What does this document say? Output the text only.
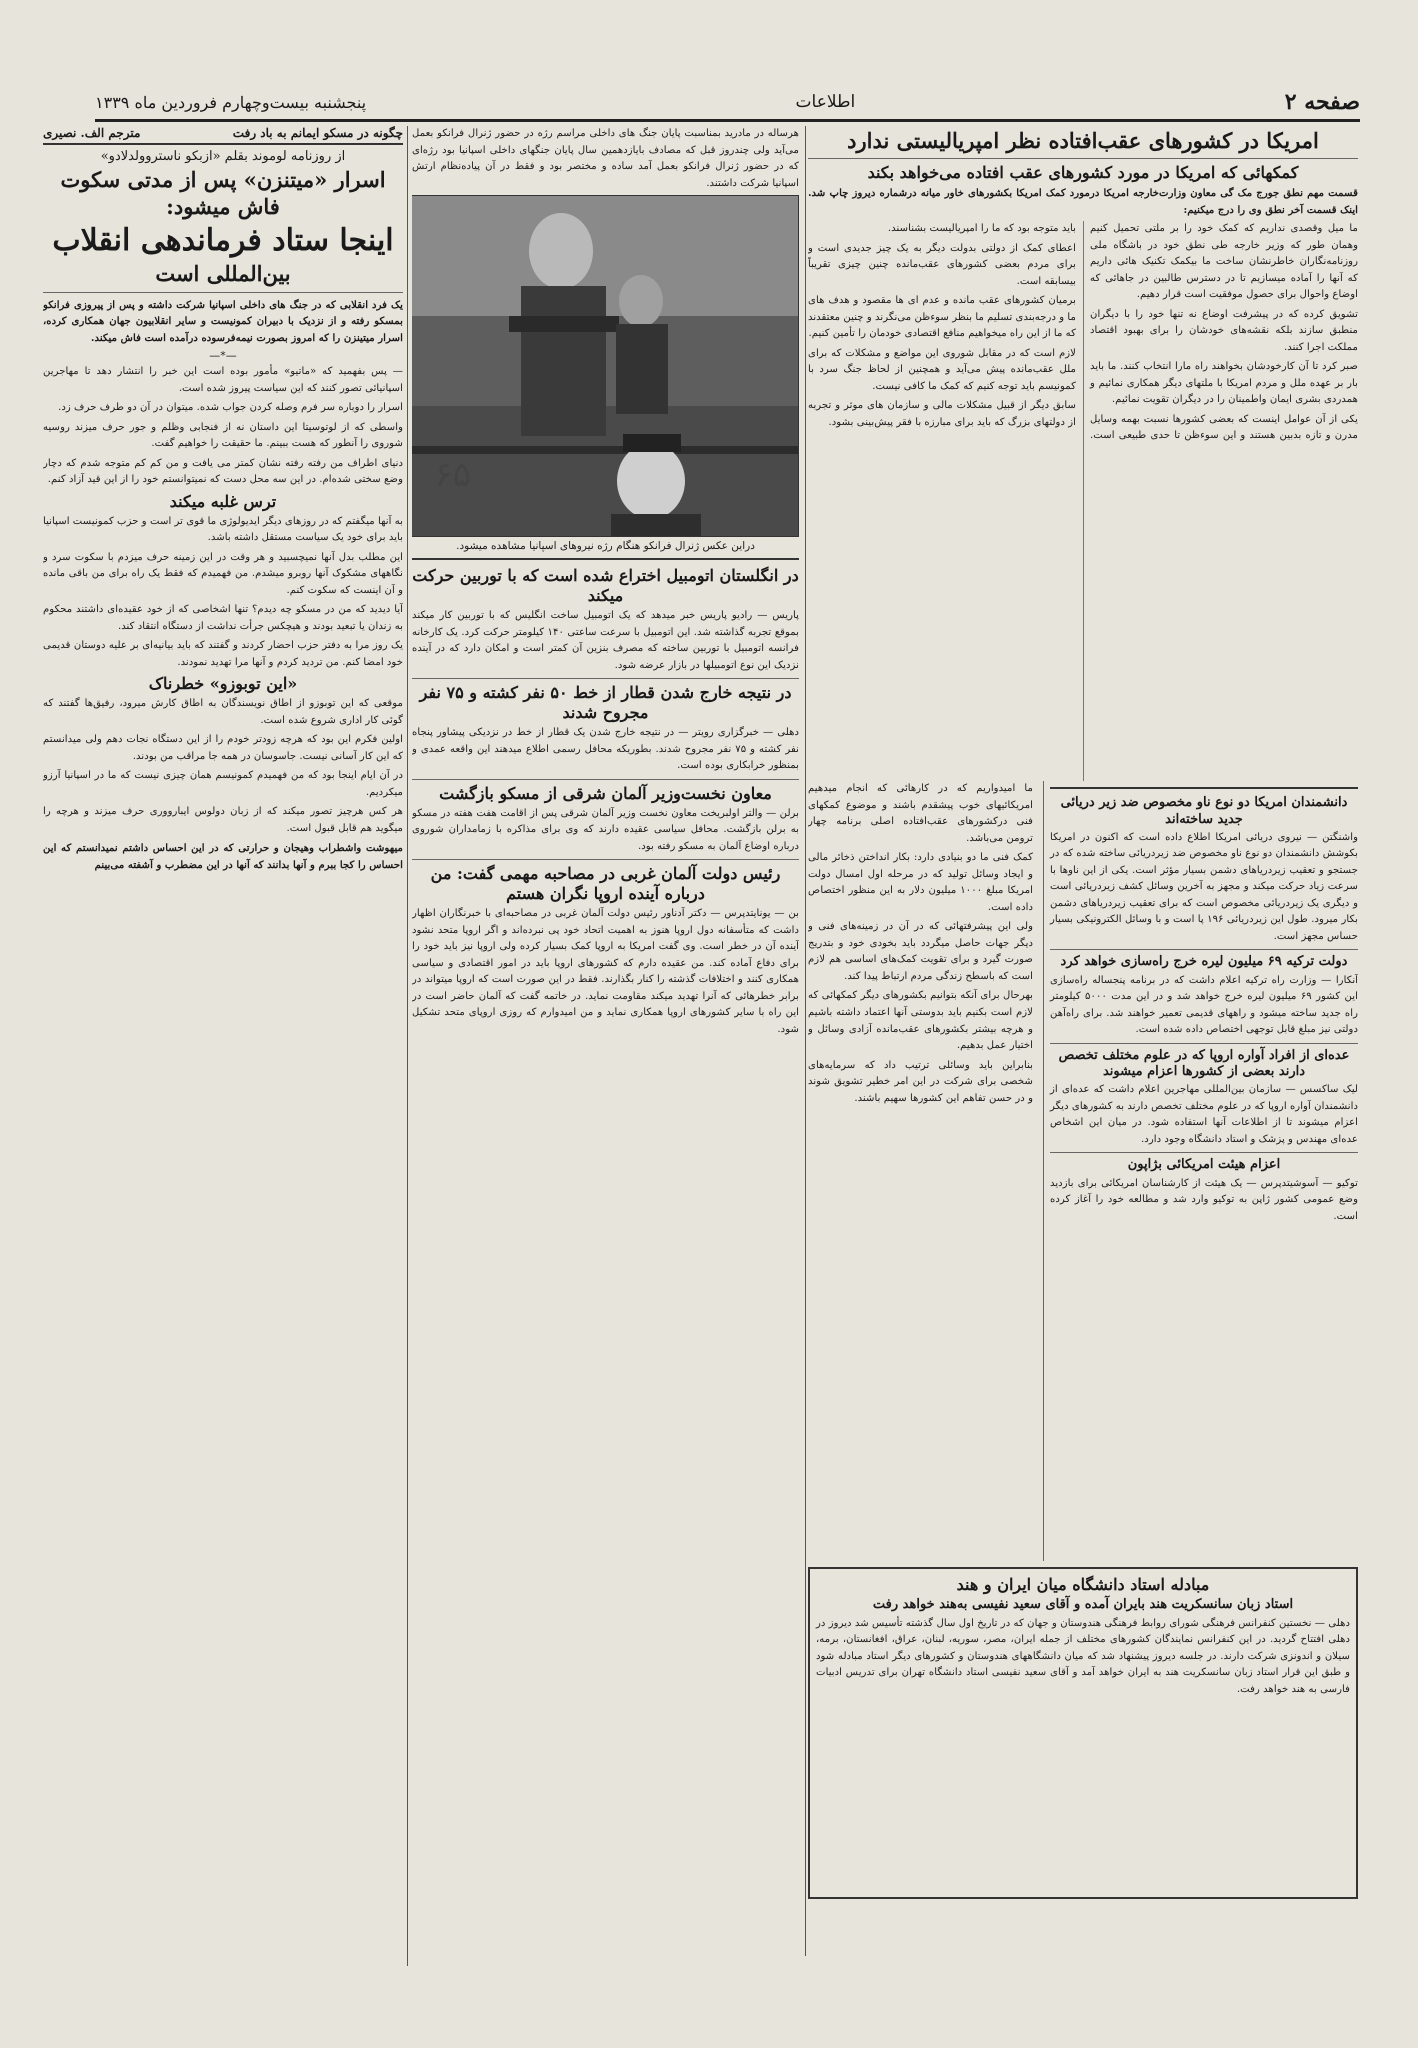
صفحه ۲
اطلاعات
پنجشنبه بیست‌وچهارم فروردین ماه ۱۳۳۹
امریکا در کشورهای عقب‌افتاده نظر امپریالیستی ندارد
کمکهائی که امریکا در مورد کشورهای عقب افتاده می‌خواهد بکند

قسمت مهم نطق جورج مک گی معاون وزارت‌خارجه امریکا درمورد کمک امریکا بکشورهای خاور میانه درشماره دیروز چاپ شد. اینک قسمت آخر نطق وی را درج میکنیم:

ما میل وقصدی نداریم که کمک خود را بر ملتی تحمیل کنیم وهمان طور که وزیر خارجه طی نطق خود در باشگاه ملی روزنامه‌نگاران خاطرنشان ساخت ما بیکمک تکنیک هائی داریم که آنها را آماده میسازیم تا در دسترس طالبین در جاهائی که اوضاع واحوال برای حصول موفقیت است قرار دهیم.

تشویق کرده که در پیشرفت اوضاع نه تنها خود را با دیگران منطبق سازند بلکه نقشه‌های خودشان را برای بهبود اقتصاد مملکت اجرا کنند.

صبر کرد تا آن کارخودشان بخواهند راه مارا انتخاب کنند. ما باید بار بر عهده ملل و مردم امریکا با ملتهای دیگر همکاری نمائیم و همدردی بشری ایمان واطمینان را در دیگران تقویت نمائیم.

یکی از آن عوامل اینست که بعضی کشورها نسبت بهمه وسایل مدرن و تازه بدبین هستند و این سوءظن تا حدی طبیعی است. باید متوجه بود که ما را امپریالیست بشناسند.

اعطای کمک از دولتی بدولت دیگر به یک چیز جدیدی است و برای مردم بعضی کشورهای عقب‌مانده چنین چیزی تقریباً بیسابقه است.

برمیان کشورهای عقب مانده و عدم ای ها مقصود و هدف های ما و درجه‌بندی تسلیم ما بنظر سوءظن می‌نگرند و چنین معتقدند که ما از این راه میخواهیم منافع اقتصادی خودمان را تأمین کنیم.

لازم است که در مقابل شوروی این مواضع و مشکلات که برای ملل عقب‌مانده پیش می‌آید و همچنین از لحاظ جنگ سرد با کمونیسم باید توجه کنیم که کمک ما کافی نیست.

سابق دیگر از قبیل مشکلات مالی و سازمان های موثر و تجربه از دولتهای بزرگ که باید برای مبارزه با فقر پیش‌بینی بشود.

دانشمندان امریکا دو نوع ناو مخصوص ضد زیر دریائی جدید ساخته‌اند

واشنگتن — نیروی دریائی امریکا اطلاع داده است که اکنون در امریکا بکوشش دانشمندان دو نوع ناو مخصوص ضد زیردریائی ساخته شده که در جستجو و تعقیب زیردریاهای دشمن بسیار مؤثر است. یکی از این ناوها با سرعت زیاد حرکت میکند و مجهز به آخرین وسائل کشف زیردریائی است و دیگری یک زیردریائی مخصوص است که برای تعقیب زیردریاهای دشمن بکار میرود. طول این زیردریائی ۱۹۶ پا است و با وسائل الکترونیکی بسیار حساس مجهز است.

دولت ترکیه ۶۹ میلیون لیره خرج راه‌سازی خواهد کرد

آنکارا — وزارت راه ترکیه اعلام داشت که در برنامه پنجساله راه‌سازی این کشور ۶۹ میلیون لیره خرج خواهد شد و در این مدت ۵۰۰۰ کیلومتر راه جدید ساخته میشود و راههای قدیمی تعمیر خواهند شد. برای راه‌آهن دولتی نیز مبلغ قابل توجهی اختصاص داده شده است.

عده‌ای از افراد آواره اروپا که در علوم مختلف تخصص دارند بعضی از کشورها اعزام میشوند

لیک ساکسس — سازمان بین‌المللی مهاجرین اعلام داشت که عده‌ای از دانشمندان آواره اروپا که در علوم مختلف تخصص دارند به کشورهای دیگر اعزام میشوند تا از اطلاعات آنها استفاده شود. در میان این اشخاص عده‌ای مهندس و پزشک و استاد دانشگاه وجود دارد.

اعزام هیئت امریکائی بژاپون

توکیو — آسوشیتدپرس — یک هیئت از کارشناسان امریکائی برای بازدید وضع عمومی کشور ژاپن به توکیو وارد شد و مطالعه خود را آغاز کرده است.

ما امیدواریم که در کارهائی که انجام میدهیم امریکائیهای خوب پیشقدم باشند و موضوع کمکهای فنی درکشورهای عقب‌افتاده اصلی برنامه چهار ترومن می‌باشد.

کمک فنی ما دو بنیادی دارد: بکار انداختن ذخائر مالی و ایجاد وسائل تولید که در مرحله اول امسال دولت امریکا مبلغ ۱۰۰۰ میلیون دلار به این منظور اختصاص داده است.

ولی این پیشرفتهائی که در آن در زمینه‌های فنی و دیگر جهات حاصل میگردد باید بخودی خود و بتدریج صورت گیرد و برای تقویت کمک‌های اساسی هم لازم است که باسطح زندگی مردم ارتباط پیدا کند.

بهرحال برای آنکه بتوانیم بکشورهای دیگر کمکهائی که لازم است بکنیم باید بدوستی آنها اعتماد داشته باشیم و هرچه بیشتر بکشورهای عقب‌مانده آزادی وسائل و اختیار عمل بدهیم.

بنابراین باید وسائلی ترتیب داد که سرمایه‌های شخصی برای شرکت در این امر خطیر تشویق شوند و در حسن تفاهم این کشورها سهیم باشند.

مبادله استاد دانشگاه میان ایران و هند
استاد زبان سانسکریت هند بایران آمده و آقای سعید نفیسی به‌هند خواهد رفت

دهلی — نخستین کنفرانس فرهنگی شورای روابط فرهنگی هندوستان و جهان که در تاریخ اول سال گذشته تأسیس شد دیروز در دهلی افتتاح گردید. در این کنفرانس نمایندگان کشورهای مختلف از جمله ایران، مصر، سوریه، لبنان، عراق، افغانستان، برمه، سیلان و اندونزی شرکت دارند. در جلسه دیروز پیشنهاد شد که میان دانشگاههای هندوستان و کشورهای دیگر استاد مبادله شود و طبق این قرار استاد زبان سانسکریت هند به ایران خواهد آمد و آقای سعید نفیسی استاد دانشگاه تهران برای تدریس ادبیات فارسی به هند خواهد رفت.

هرساله در مادرید بمناسبت پایان جنگ های داخلی مراسم رژه در حضور ژنرال فرانکو بعمل می‌آید ولی چندروز قبل که مصادف بایازدهمین سال پایان جنگهای داخلی اسپانیا بود رژه‌ای که در حضور ژنرال فرانکو بعمل آمد ساده و مختصر بود و فقط در آن پیاده‌نظام ارتش اسپانیا شرکت داشتند.

۶۵
دراین عکس ژنرال فرانکو هنگام رژه نیروهای اسپانیا مشاهده میشود.
در انگلستان اتومبیل اختراع شده است که با توربین حرکت میکند

پاریس — رادیو پاریس خبر میدهد که یک اتومبیل ساخت انگلیس که با توربین کار میکند بموقع تجربه گذاشته شد. این اتومبیل با سرعت ساعتی ۱۴۰ کیلومتر حرکت کرد. یک کارخانه فرانسه اتومبیل با توربین ساخته که مصرف بنزین آن کمتر است و امکان دارد که در آینده نزدیک این نوع اتومبیلها در بازار عرضه شود.

در نتیجه خارج شدن قطار از خط ۵۰ نفر کشته و ۷۵ نفر مجروح شدند

دهلی — خبرگزاری رویتر — در نتیجه خارج شدن یک قطار از خط در نزدیکی پیشاور پنجاه نفر کشته و ۷۵ نفر مجروح شدند. بطوریکه محافل رسمی اطلاع میدهند این واقعه عمدی و بمنظور خرابکاری بوده است.

معاون نخست‌وزیر آلمان شرقی از مسکو بازگشت

برلن — والتر اولبریخت معاون نخست وزیر آلمان شرقی پس از اقامت هفت هفته در مسکو به برلن بازگشت. محافل سیاسی عقیده دارند که وی برای مذاکره با زمامداران شوروی درباره اوضاع آلمان به مسکو رفته بود.

رئیس دولت آلمان غربی در مصاحبه مهمی گفت: من درباره آینده اروپا نگران هستم

بن — یونایتدپرس — دکتر آدناور رئیس دولت آلمان غربی در مصاحبه‌ای با خبرنگاران اظهار داشت که متأسفانه دول اروپا هنوز به اهمیت اتحاد خود پی نبرده‌اند و اگر اروپا متحد نشود آینده آن در خطر است. وی گفت امریکا به اروپا کمک بسیار کرده ولی اروپا نیز باید خود را برای دفاع آماده کند. من عقیده دارم که کشورهای اروپا باید در امور اقتصادی و سیاسی همکاری کنند و اختلافات گذشته را کنار بگذارند. فقط در این صورت است که اروپا میتواند در برابر خطرهائی که آنرا تهدید میکند مقاومت نماید. در خاتمه گفت که آلمان حاضر است در این راه با سایر کشورهای اروپا همکاری نماید و من امیدوارم که روزی اروپای متحد تشکیل شود.

چگونه در مسکو ایمانم به باد رفت
مترجم الف. نصیری
از روزنامه لوموند بقلم «ازبکو ناستروولدلادو»
اسرار «میتنزن» پس از مدتی سکوت فاش میشود:
اینجا ستاد فرماندهی انقلاب
بین‌المللی است

یک فرد انقلابی که در جنگ های داخلی اسپانیا شرکت داشته و پس از پیروزی فرانکو بمسکو رفته و از نزدیک با دبیران کمونیست و سایر انقلابیون جهان همکاری کرده، اسرار میتینزن را که امروز بصورت نیمه‌فرسوده درآمده است فاش میکند.

—*—

— پس بفهمید که «ماتیو» مأمور بوده است این خبر را انتشار دهد تا مهاجرین اسپانیائی تصور کنند که این سیاست پیروز شده است.

اسرار را دوباره سر فرم وصله کردن جواب شده. میتوان در آن دو طرف حرف زد.

واسطی که از لوتوسیتا این داستان نه از فنجابی وظلم و جور حرف میزند روسیه شوروی را آنطور که هست ببینم. ما حقیقت را خواهیم گفت.

دنیای اطراف من رفته رفته نشان کمتر می یافت و من کم کم متوجه شدم که دچار وضع سختی شده‌ام. در این سه محل دست که نمیتوانستم خود را از این قید آزاد کنم.

ترس غلبه میکند

به آنها میگفتم که در روزهای دیگر ایدیولوژی ما قوی تر است و حزب کمونیست اسپانیا باید برای خود یک سیاست مستقل داشته باشد.

این مطلب بدل آنها نمیچسبید و هر وقت در این زمینه حرف میزدم با سکوت سرد و نگاههای مشکوک آنها روبرو میشدم. من فهمیدم که فقط یک راه برای من باقی مانده و آن اینست که سکوت کنم.

آیا دیدید که من در مسکو چه دیدم؟ تنها اشخاصی که از خود عقیده‌ای داشتند محکوم به زندان یا تبعید بودند و هیچکس جرأت نداشت از دستگاه انتقاد کند.

یک روز مرا به دفتر حزب احضار کردند و گفتند که باید بیانیه‌ای بر علیه دوستان قدیمی خود امضا کنم. من تردید کردم و آنها مرا تهدید نمودند.

«این توبوزو» خطرناک

موقعی که این توبوزو از اطاق نویسندگان به اطاق کارش میرود، رفیق‌ها گفتند که گوئی کار اداری شروع شده است.

اولین فکرم این بود که هرچه زودتر خودم را از این دستگاه نجات دهم ولی میدانستم که این کار آسانی نیست. جاسوسان در همه جا مراقب من بودند.

در آن ایام اینجا بود که من فهمیدم کمونیسم همان چیزی نیست که ما در اسپانیا آرزو میکردیم.

هر کس هرچیز تصور میکند که از زبان دولوس ایبارووری حرف میزند و هرچه را میگوید هم قابل قبول است.

میهوشت واشطراب وهیجان و حرارتی که در این احساس داشتم نمیدانستم که این احساس را کجا ببرم و آنها بدانند که آنها در این مضطرب و آشفته می‌بینم
